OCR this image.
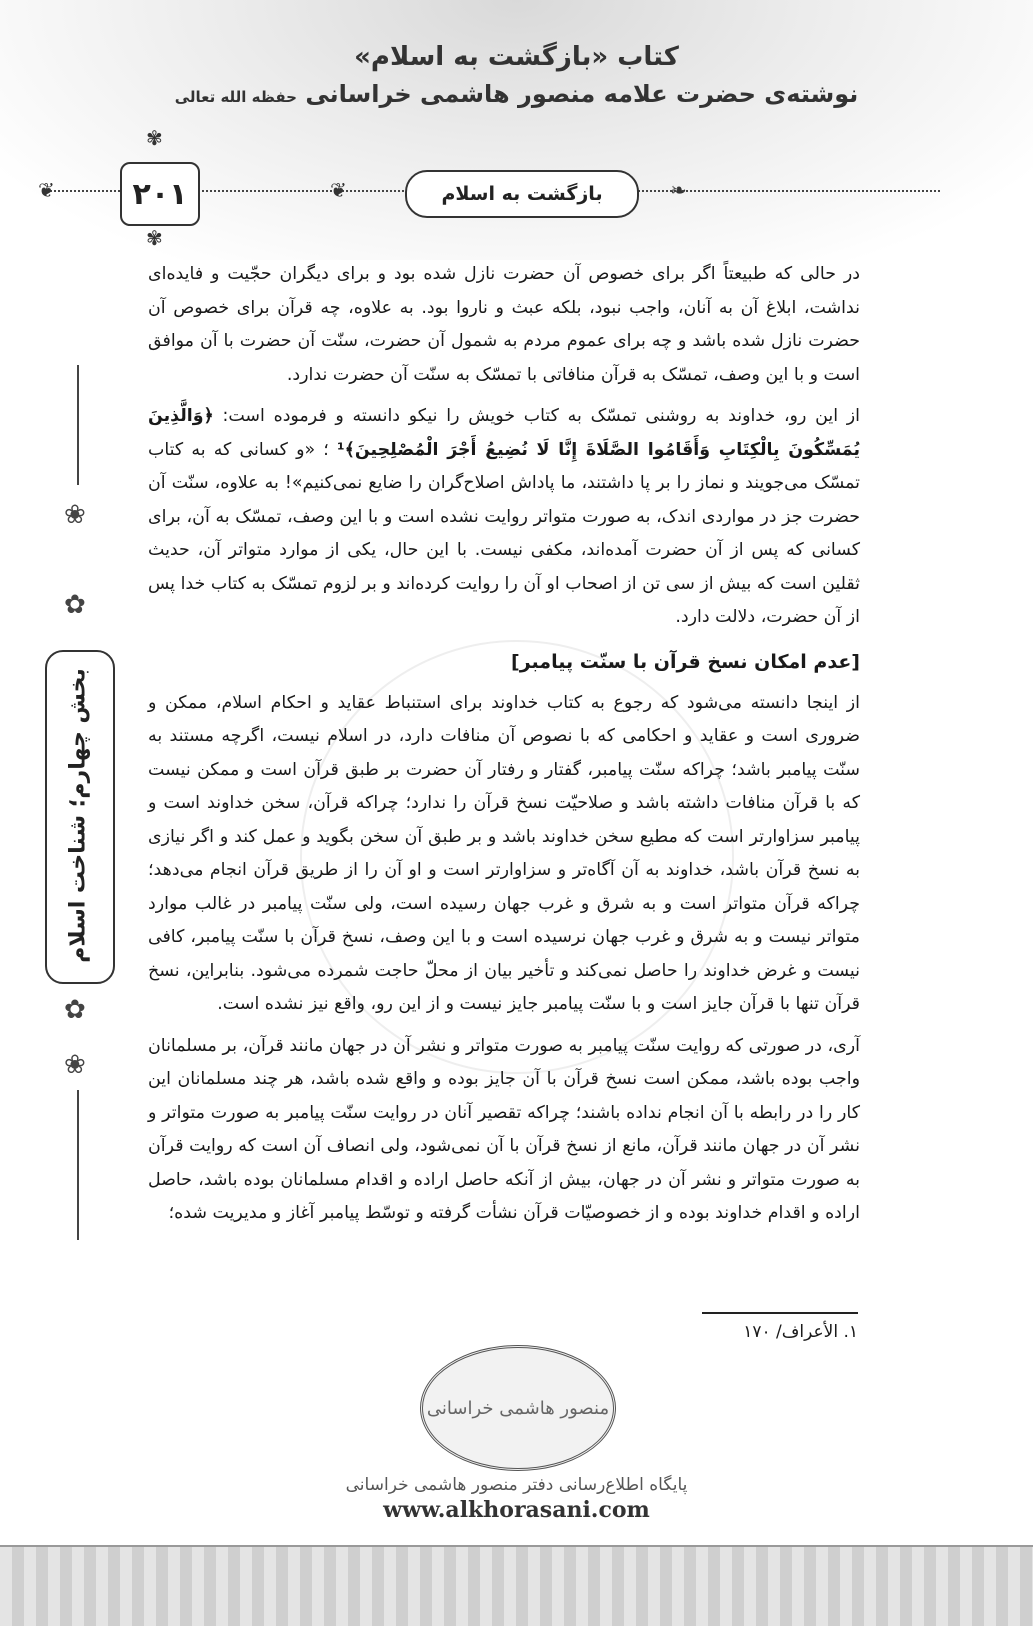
کتاب «بازگشت به اسلام»
نوشته‌ی حضرت علامه منصور هاشمی خراسانی حفظه الله تعالی
❦	❦	❧
✾
✾
۲۰۱	بازگشت به اسلام
❀
✿
بخش چهارم؛ شناخت اسلام
✿
❀

در حالی که طبیعتاً اگر برای خصوص آن حضرت نازل شده بود و برای دیگران حجّیت و فایده‌ای نداشت، ابلاغ آن به آنان، واجب نبود، بلکه عبث و ناروا بود. به علاوه، چه قرآن برای خصوص آن حضرت نازل شده باشد و چه برای عموم مردم به شمول آن حضرت، سنّت آن حضرت با آن موافق است و با این وصف، تمسّک به قرآن منافاتی با تمسّک به سنّت آن حضرت ندارد.

از این رو، خداوند به روشنی تمسّک به کتاب خویش را نیکو دانسته و فرموده است: ﴿وَالَّذِينَ يُمَسِّكُونَ بِالْكِتَابِ وَأَقَامُوا الصَّلَاةَ إِنَّا لَا نُضِيعُ أَجْرَ الْمُصْلِحِينَ﴾¹ ؛ «و کسانی که به کتاب تمسّک می‌جویند و نماز را بر پا داشتند، ما پاداش اصلاح‌گران را ضایع نمی‌کنیم»! به علاوه، سنّت آن حضرت جز در مواردی اندک، به صورت متواتر روایت نشده است و با این وصف، تمسّک به آن، برای کسانی که پس از آن حضرت آمده‌اند، مکفی نیست. با این حال، یکی از موارد متواتر آن، حدیث ثقلین است که بیش از سی تن از اصحاب او آن را روایت کرده‌اند و بر لزوم تمسّک به کتاب خدا پس از آن حضرت، دلالت دارد.

[عدم امکان نسخ قرآن با سنّت پیامبر]

از اینجا دانسته می‌شود که رجوع به کتاب خداوند برای استنباط عقاید و احکام اسلام، ممکن و ضروری است و عقاید و احکامی که با نصوص آن منافات دارد، در اسلام نیست، اگرچه مستند به سنّت پیامبر باشد؛ چراکه سنّت پیامبر، گفتار و رفتار آن حضرت بر طبق قرآن است و ممکن نیست که با قرآن منافات داشته باشد و صلاحیّت نسخ قرآن را ندارد؛ چراکه قرآن، سخن خداوند است و پیامبر سزاوارتر است که مطیع سخن خداوند باشد و بر طبق آن سخن بگوید و عمل کند و اگر نیازی به نسخ قرآن باشد، خداوند به آن آگاه‌تر و سزاوارتر است و او آن را از طریق قرآن انجام می‌دهد؛ چراکه قرآن متواتر است و به شرق و غرب جهان رسیده است، ولی سنّت پیامبر در غالب موارد متواتر نیست و به شرق و غرب جهان نرسیده است و با این وصف، نسخ قرآن با سنّت پیامبر، کافی نیست و غرض خداوند را حاصل نمی‌کند و تأخیر بیان از محلّ حاجت شمرده می‌شود. بنابراین، نسخ قرآن تنها با قرآن جایز است و با سنّت پیامبر جایز نیست و از این رو، واقع نیز نشده است.

آری، در صورتی که روایت سنّت پیامبر به صورت متواتر و نشر آن در جهان مانند قرآن، بر مسلمانان واجب بوده باشد، ممکن است نسخ قرآن با آن جایز بوده و واقع شده باشد، هر چند مسلمانان این کار را در رابطه با آن انجام نداده باشند؛ چراکه تقصیر آنان در روایت سنّت پیامبر به صورت متواتر و نشر آن در جهان مانند قرآن، مانع از نسخ قرآن با آن نمی‌شود، ولی انصاف آن است که روایت قرآن به صورت متواتر و نشر آن در جهان، بیش از آنکه حاصل اراده و اقدام مسلمانان بوده باشد، حاصل اراده و اقدام خداوند بوده و از خصوصیّات قرآن نشأت گرفته و توسّط پیامبر آغاز و مدیریت شده؛

۱. الأعراف/ ۱۷۰
منصور هاشمی خراسانی
پایگاه اطلاع‌رسانی دفتر منصور هاشمی خراسانی
www.alkhorasani.com
